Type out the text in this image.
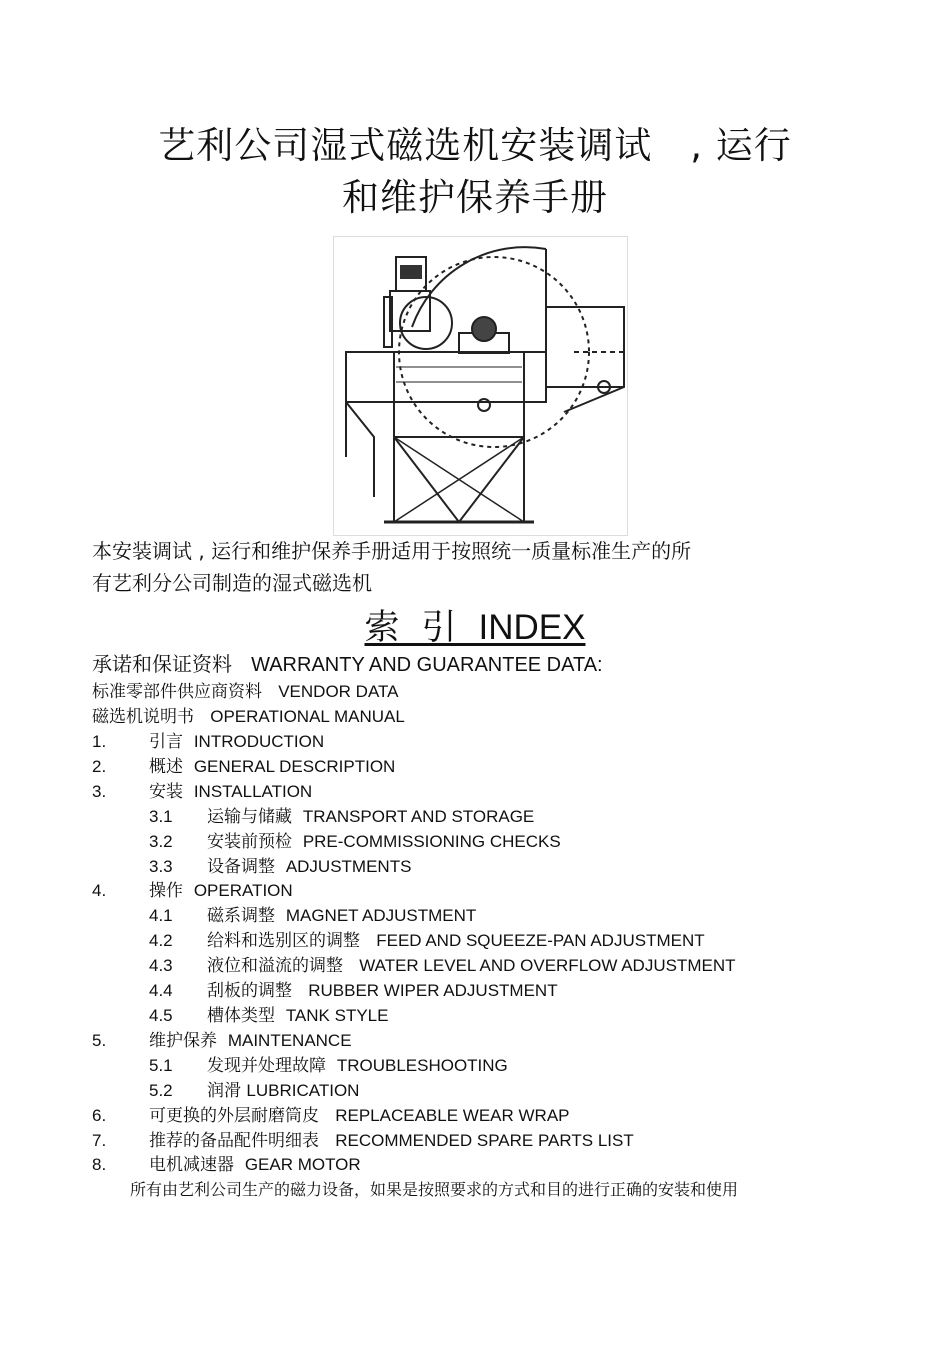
艺利公司湿式磁选机安装调试　, 运行
和维护保养手册
本安装调试 , 运行和维护保养手册适用于按照统一质量标准生产的所
有艺利分公司制造的湿式磁选机
索引INDEX
承诺和保证资料 WARRANTY AND GUARANTEE DATA:
标准零部件供应商资料 VENDOR DATA
磁选机说明书 OPERATIONAL MANUAL
1.	引言 INTRODUCTION
2.	概述 GENERAL DESCRIPTION
3.	安装 INSTALLATION
3.1 运输与储藏 TRANSPORT AND STORAGE
3.2 安装前预检 PRE-COMMISSIONING CHECKS
3.3 设备调整 ADJUSTMENTS
4.	操作 OPERATION
4.1 磁系调整 MAGNET ADJUSTMENT
4.2 给料和选别区的调整 FEED AND SQUEEZE-PAN ADJUSTMENT
4.3 液位和溢流的调整 WATER LEVEL AND OVERFLOW ADJUSTMENT
4.4 刮板的调整 RUBBER WIPER ADJUSTMENT
4.5 槽体类型 TANK STYLE
5.	维护保养 MAINTENANCE
5.1 发现并处理故障 TROUBLESHOOTING
5.2 润滑 LUBRICATION
6.	可更换的外层耐磨筒皮 REPLACEABLE WEAR WRAP
7.	推荐的备品配件明细表 RECOMMENDED SPARE PARTS LIST
8.	电机减速器 GEAR MOTOR
所有由艺利公司生产的磁力设备，如果是按照要求的方式和目的进行正确的安装和使用
